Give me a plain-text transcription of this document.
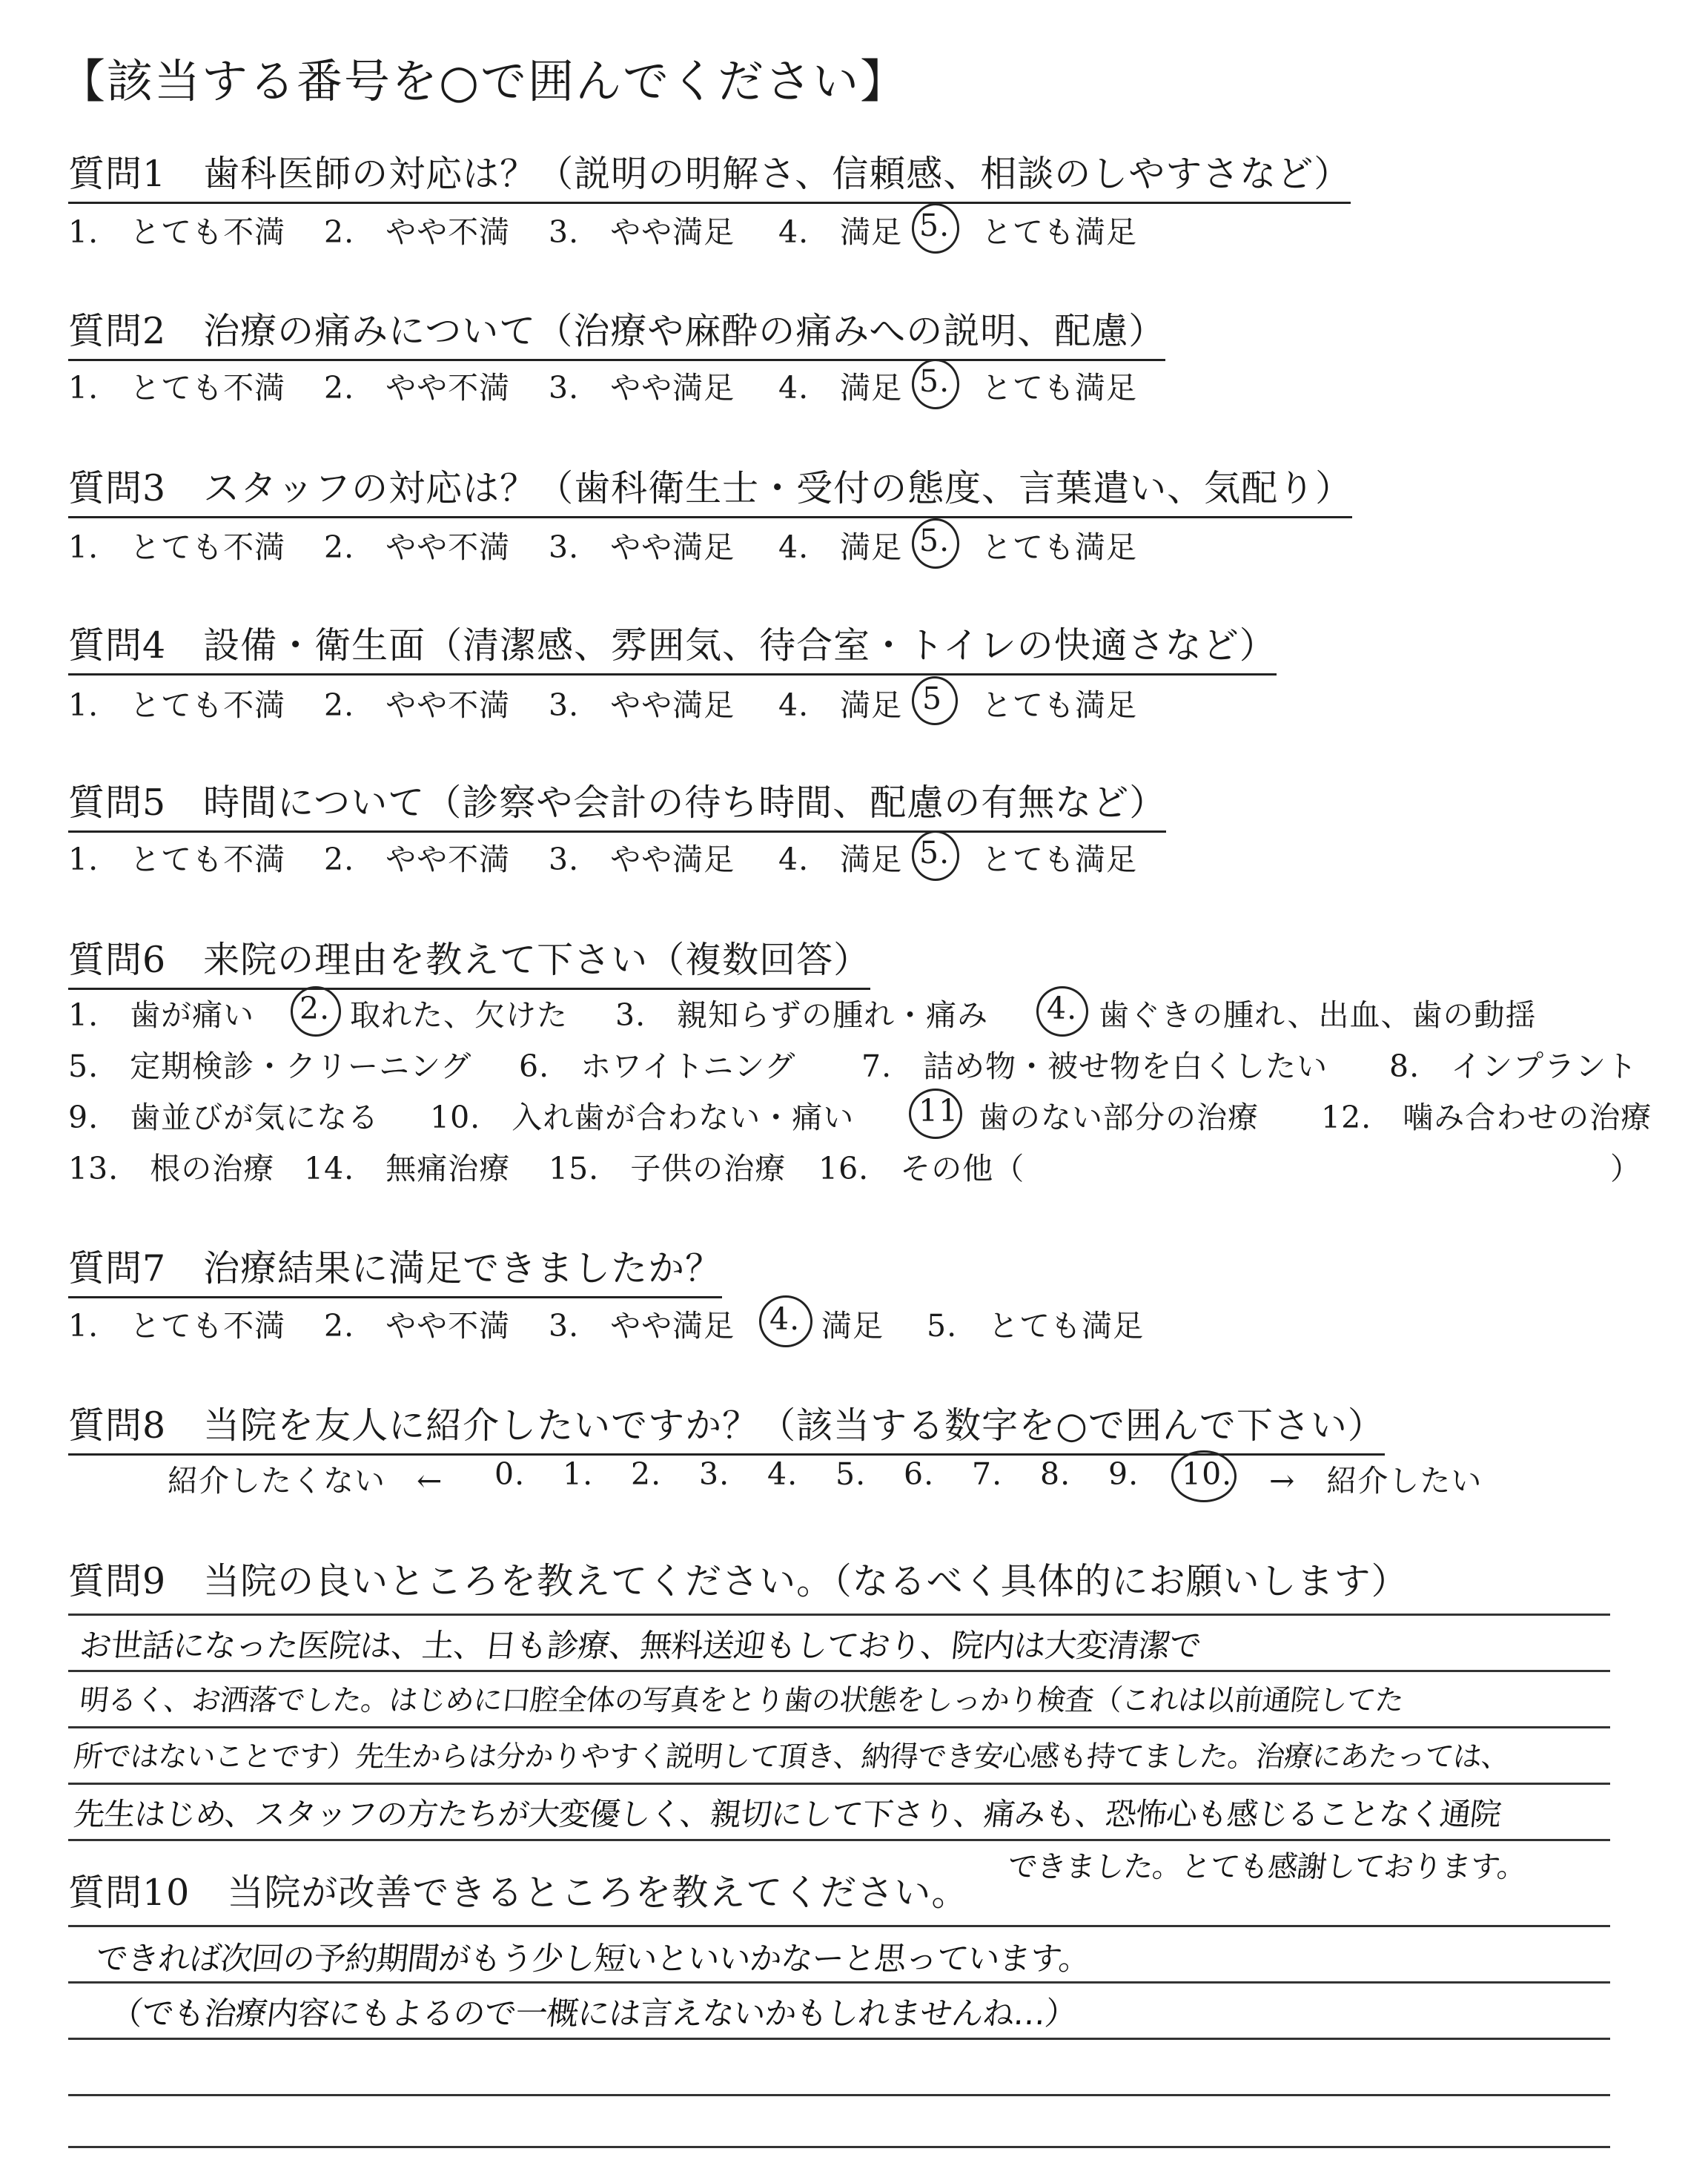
【該当する番号を○で囲んでください】
質問1　歯科医師の対応は？（説明の明解さ、信頼感、相談のしやすさなど）
1.　とても不満 2.　やや不満 3.　やや満足 4.　満足 5. とても満足
質問2　治療の痛みについて（治療や麻酔の痛みへの説明、配慮）
1.　とても不満 2.　やや不満 3.　やや満足 4.　満足 5. とても満足
質問3　スタッフの対応は？（歯科衛生士・受付の態度、言葉遣い、気配り）
1.　とても不満 2.　やや不満 3.　やや満足 4.　満足 5. とても満足
質問4　設備・衛生面（清潔感、雰囲気、待合室・トイレの快適さなど）
1.　とても不満 2.　やや不満 3.　やや満足 4.　満足 5 とても満足
質問5　時間について（診察や会計の待ち時間、配慮の有無など）
1.　とても不満 2.　やや不満 3.　やや満足 4.　満足 5. とても満足
質問6　来院の理由を教えて下さい（複数回答）
1.　歯が痛い 2. 取れた、欠けた 3.　親知らずの腫れ・痛み 4. 歯ぐきの腫れ、出血、歯の動揺
5.　定期検診・クリーニング 6.　ホワイトニング 7.　詰め物・被せ物を白くしたい 8.　インプラント
9.　歯並びが気になる 10.　入れ歯が合わない・痛い 11 歯のない部分の治療 12.　噛み合わせの治療
13.　根の治療 14.　無痛治療 15.　子供の治療 16.　その他（	）
質問7　治療結果に満足できましたか？
1.　とても不満 2.　やや不満 3.　やや満足 4. 満足 5.　とても満足
質問8　当院を友人に紹介したいですか？（該当する数字を○で囲んで下さい）
紹介したくない　← 0. 1. 2. 3. 4. 5. 6. 7. 8. 9. 10. →　紹介したい
質問9　当院の良いところを教えてください。（なるべく具体的にお願いします）
お世話になった医院は、土、日も診療、無料送迎もしており、院内は大変清潔で
明るく、お洒落でした。はじめに口腔全体の写真をとり歯の状態をしっかり検査（これは以前通院してた
所ではないことです）先生からは分かりやすく説明して頂き、納得でき安心感も持てました。治療にあたっては、
先生はじめ、スタッフの方たちが大変優しく、親切にして下さり、痛みも、恐怖心も感じることなく通院
できました。とても感謝しております。
質問10　当院が改善できるところを教えてください。
できれば次回の予約期間がもう少し短いといいかなーと思っています。
（でも治療内容にもよるので一概には言えないかもしれませんね…）
